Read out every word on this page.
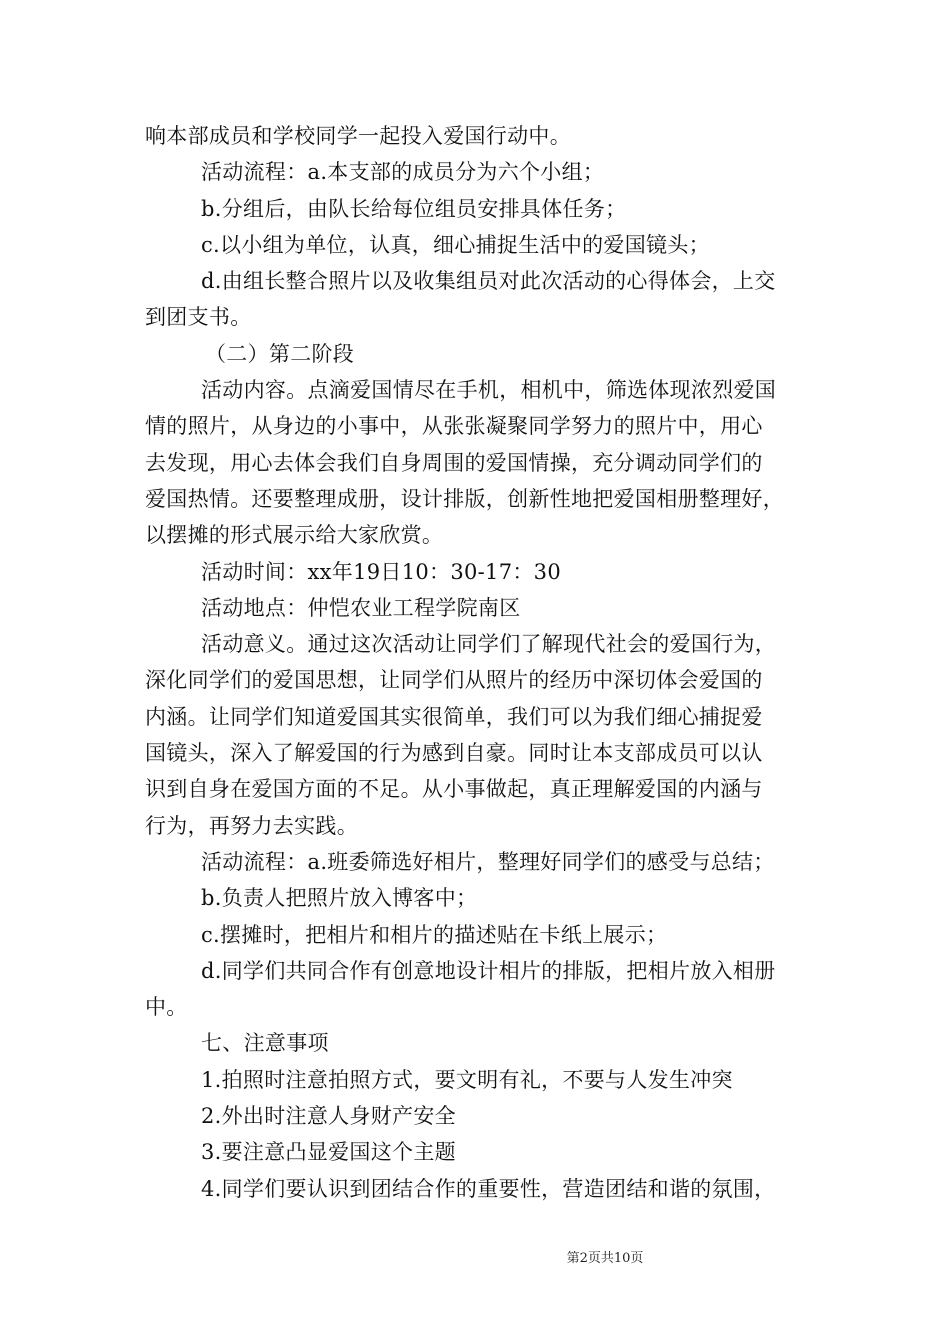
响本部成员和学校同学一起投入爱国行动中。
活动流程：a.本支部的成员分为六个小组；
b.分组后，由队长给每位组员安排具体任务；
c.以小组为单位，认真，细心捕捉生活中的爱国镜头；
d.由组长整合照片以及收集组员对此次活动的心得体会，上交
到团支书。
（二）第二阶段
活动内容。点滴爱国情尽在手机，相机中，筛选体现浓烈爱国
情的照片，从身边的小事中，从张张凝聚同学努力的照片中，用心
去发现，用心去体会我们自身周围的爱国情操，充分调动同学们的
爱国热情。还要整理成册，设计排版，创新性地把爱国相册整理好，
以摆摊的形式展示给大家欣赏。
活动时间：xx年19日10：30-17：30
活动地点：仲恺农业工程学院南区
活动意义。通过这次活动让同学们了解现代社会的爱国行为，
深化同学们的爱国思想，让同学们从照片的经历中深切体会爱国的
内涵。让同学们知道爱国其实很简单，我们可以为我们细心捕捉爱
国镜头，深入了解爱国的行为感到自豪。同时让本支部成员可以认
识到自身在爱国方面的不足。从小事做起，真正理解爱国的内涵与
行为，再努力去实践。
活动流程：a.班委筛选好相片，整理好同学们的感受与总结；
b.负责人把照片放入博客中；
c.摆摊时，把相片和相片的描述贴在卡纸上展示；
d.同学们共同合作有创意地设计相片的排版，把相片放入相册
中。
七、注意事项
1.拍照时注意拍照方式，要文明有礼，不要与人发生冲突
2.外出时注意人身财产安全
3.要注意凸显爱国这个主题
4.同学们要认识到团结合作的重要性，营造团结和谐的氛围，
第2页共10页
